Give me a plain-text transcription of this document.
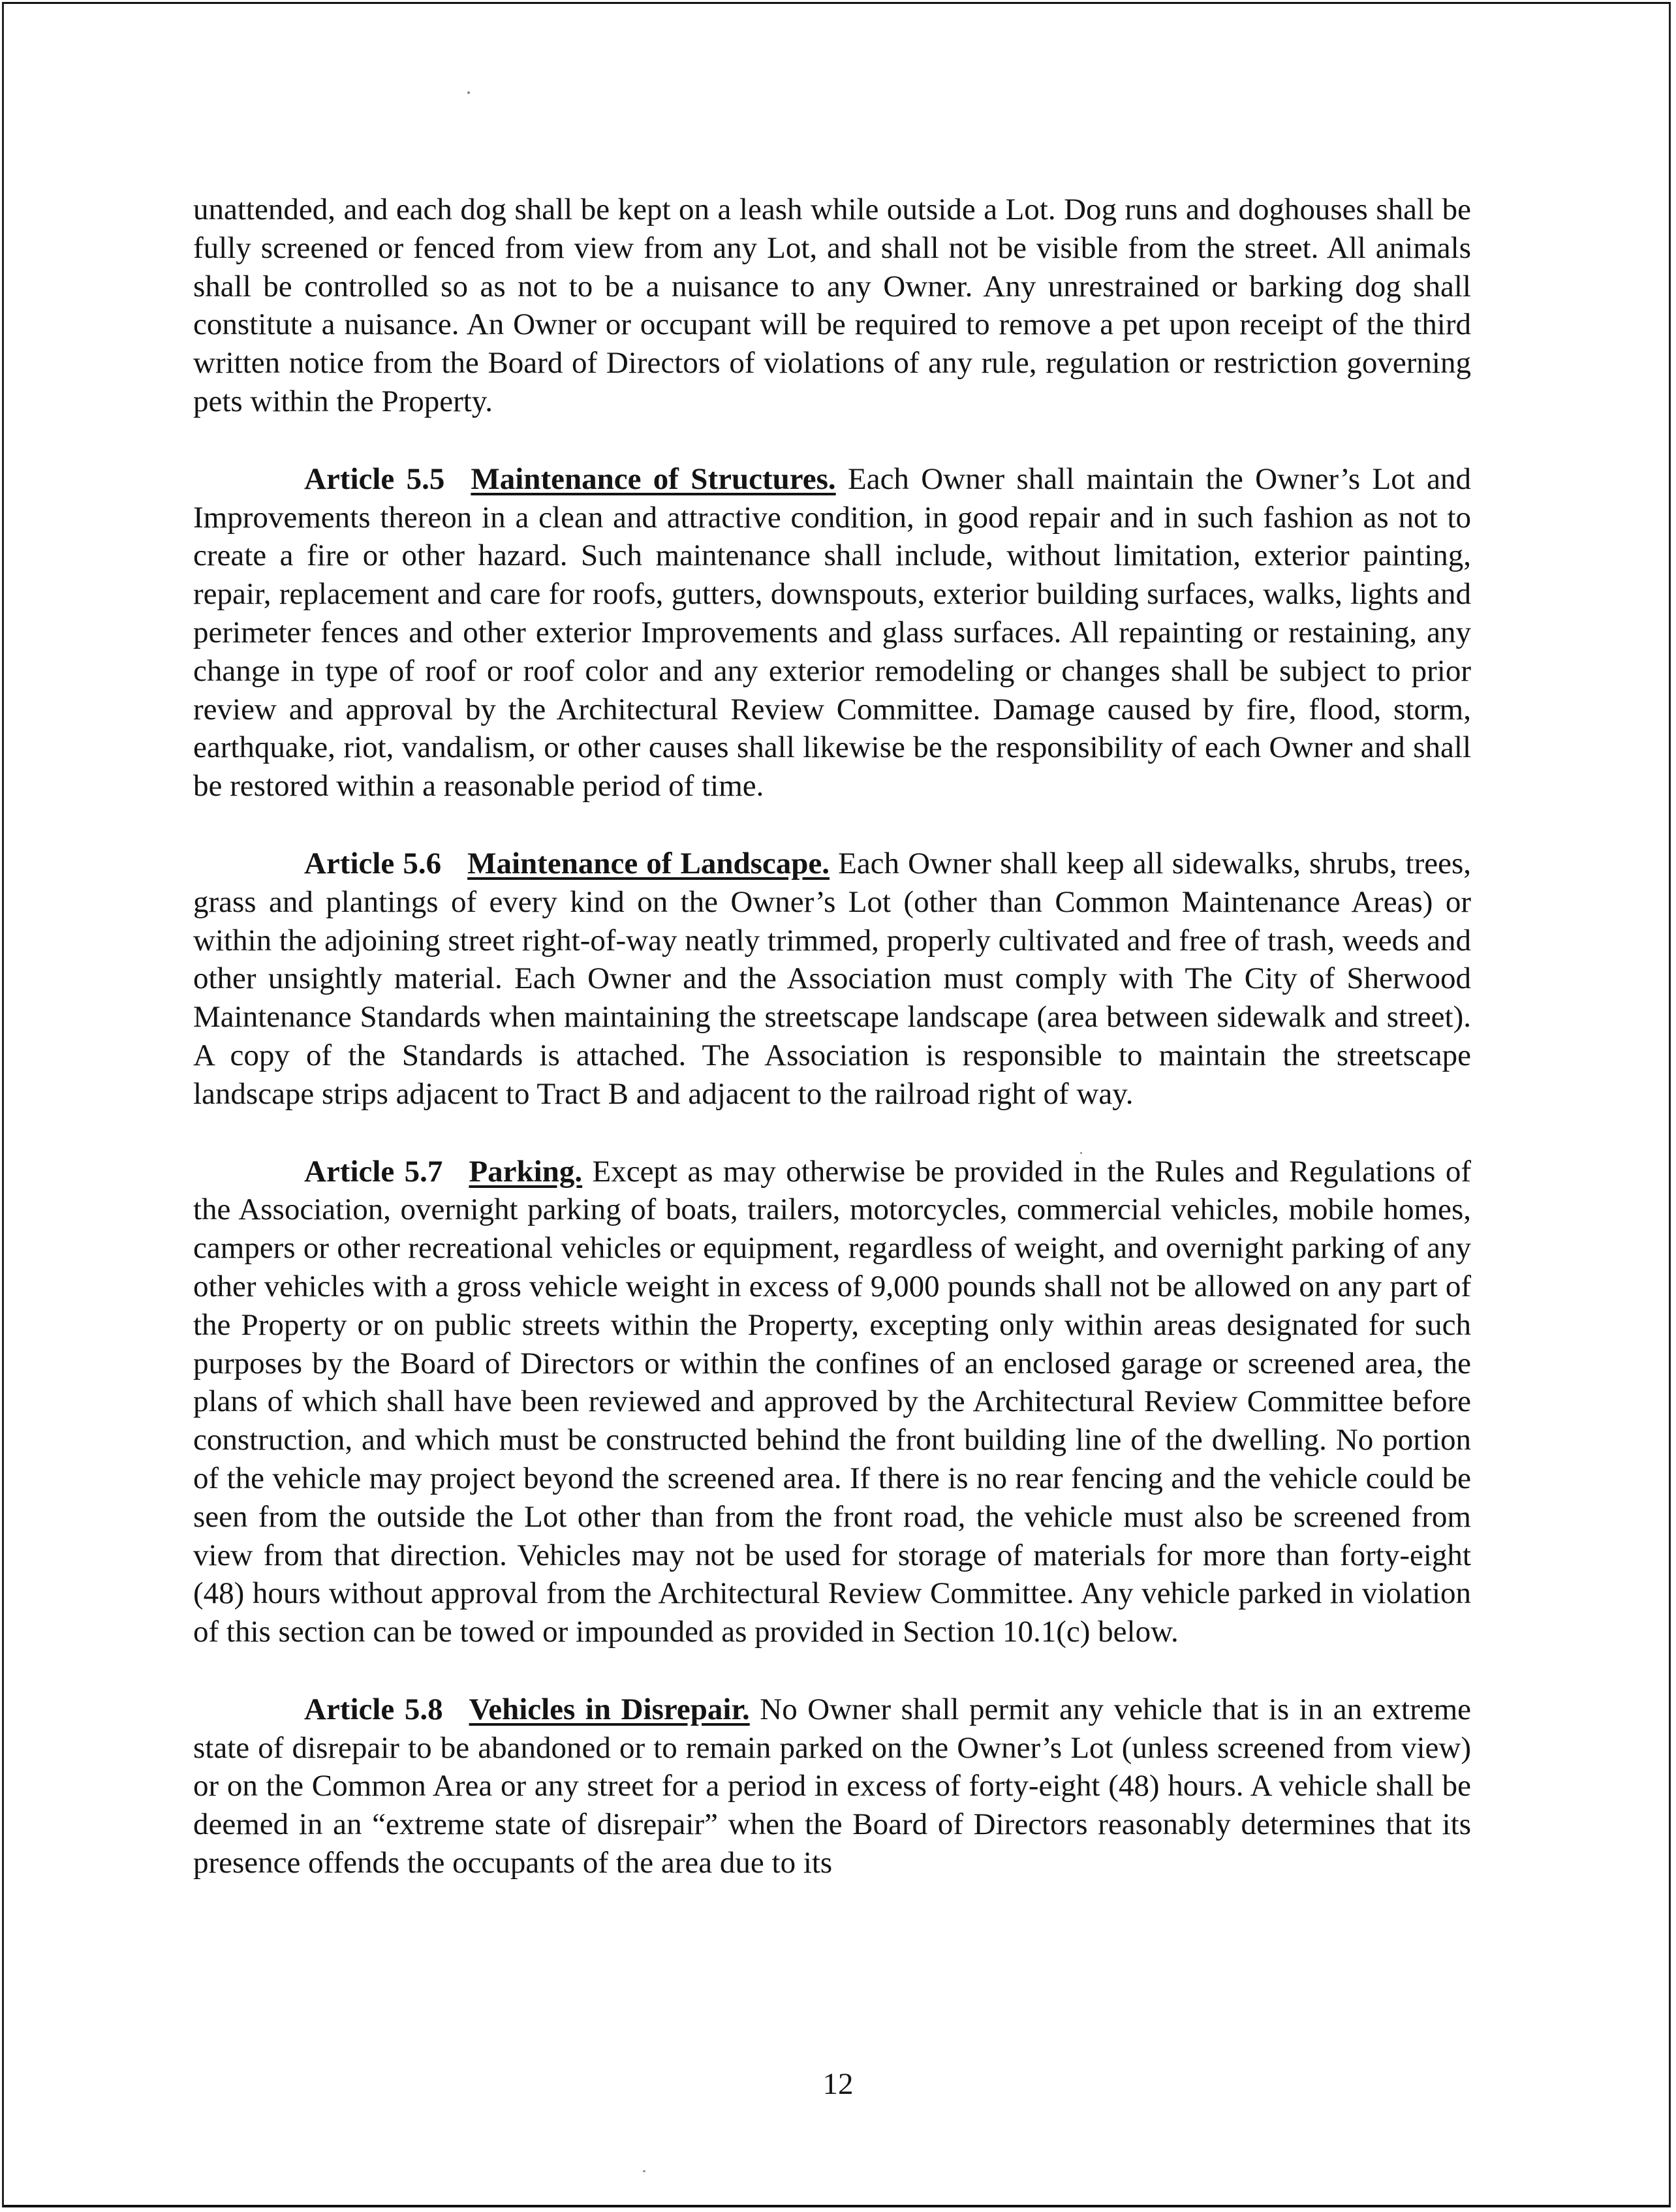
unattended, and each dog shall be kept on a leash while outside a Lot. Dog runs and doghouses shall be fully screened or fenced from view from any Lot, and shall not be visible from the street. All animals shall be controlled so as not to be a nuisance to any Owner. Any unrestrained or barking dog shall constitute a nuisance. An Owner or occupant will be required to remove a pet upon receipt of the third written notice from the Board of Directors of violations of any rule, regulation or restriction governing pets within the Property.

Article 5.5 Maintenance of Structures. Each Owner shall maintain the Owner’s Lot and Improvements thereon in a clean and attractive condition, in good repair and in such fashion as not to create a fire or other hazard. Such maintenance shall include, without limitation, exterior painting, repair, replacement and care for roofs, gutters, downspouts, exterior building surfaces, walks, lights and perimeter fences and other exterior Improvements and glass surfaces. All repainting or restaining, any change in type of roof or roof color and any exterior remodeling or changes shall be subject to prior review and approval by the Architectural Review Committee. Damage caused by fire, flood, storm, earthquake, riot, vandalism, or other causes shall likewise be the responsibility of each Owner and shall be restored within a reasonable period of time.

Article 5.6 Maintenance of Landscape. Each Owner shall keep all sidewalks, shrubs, trees, grass and plantings of every kind on the Owner’s Lot (other than Common Maintenance Areas) or within the adjoining street right-of-way neatly trimmed, properly cultivated and free of trash, weeds and other unsightly material. Each Owner and the Association must comply with The City of Sherwood Maintenance Standards when maintaining the streetscape landscape (area between sidewalk and street). A copy of the Standards is attached. The Association is responsible to maintain the streetscape landscape strips adjacent to Tract B and adjacent to the railroad right of way.

Article 5.7 Parking. Except as may otherwise be provided in the Rules and Regulations of the Association, overnight parking of boats, trailers, motorcycles, commercial vehicles, mobile homes, campers or other recreational vehicles or equipment, regardless of weight, and overnight parking of any other vehicles with a gross vehicle weight in excess of 9,000 pounds shall not be allowed on any part of the Property or on public streets within the Property, excepting only within areas designated for such purposes by the Board of Directors or within the confines of an enclosed garage or screened area, the plans of which shall have been reviewed and approved by the Architectural Review Committee before construction, and which must be constructed behind the front building line of the dwelling. No portion of the vehicle may project beyond the screened area. If there is no rear fencing and the vehicle could be seen from the outside the Lot other than from the front road, the vehicle must also be screened from view from that direction. Vehicles may not be used for storage of materials for more than forty-eight (48) hours without approval from the Architectural Review Committee. Any vehicle parked in violation of this section can be towed or impounded as provided in Section 10.1(c) below.

Article 5.8 Vehicles in Disrepair. No Owner shall permit any vehicle that is in an extreme state of disrepair to be abandoned or to remain parked on the Owner’s Lot (unless screened from view) or on the Common Area or any street for a period in excess of forty-eight (48) hours. A vehicle shall be deemed in an “extreme state of disrepair” when the Board of Directors reasonably determines that its presence offends the occupants of the area due to its

12
